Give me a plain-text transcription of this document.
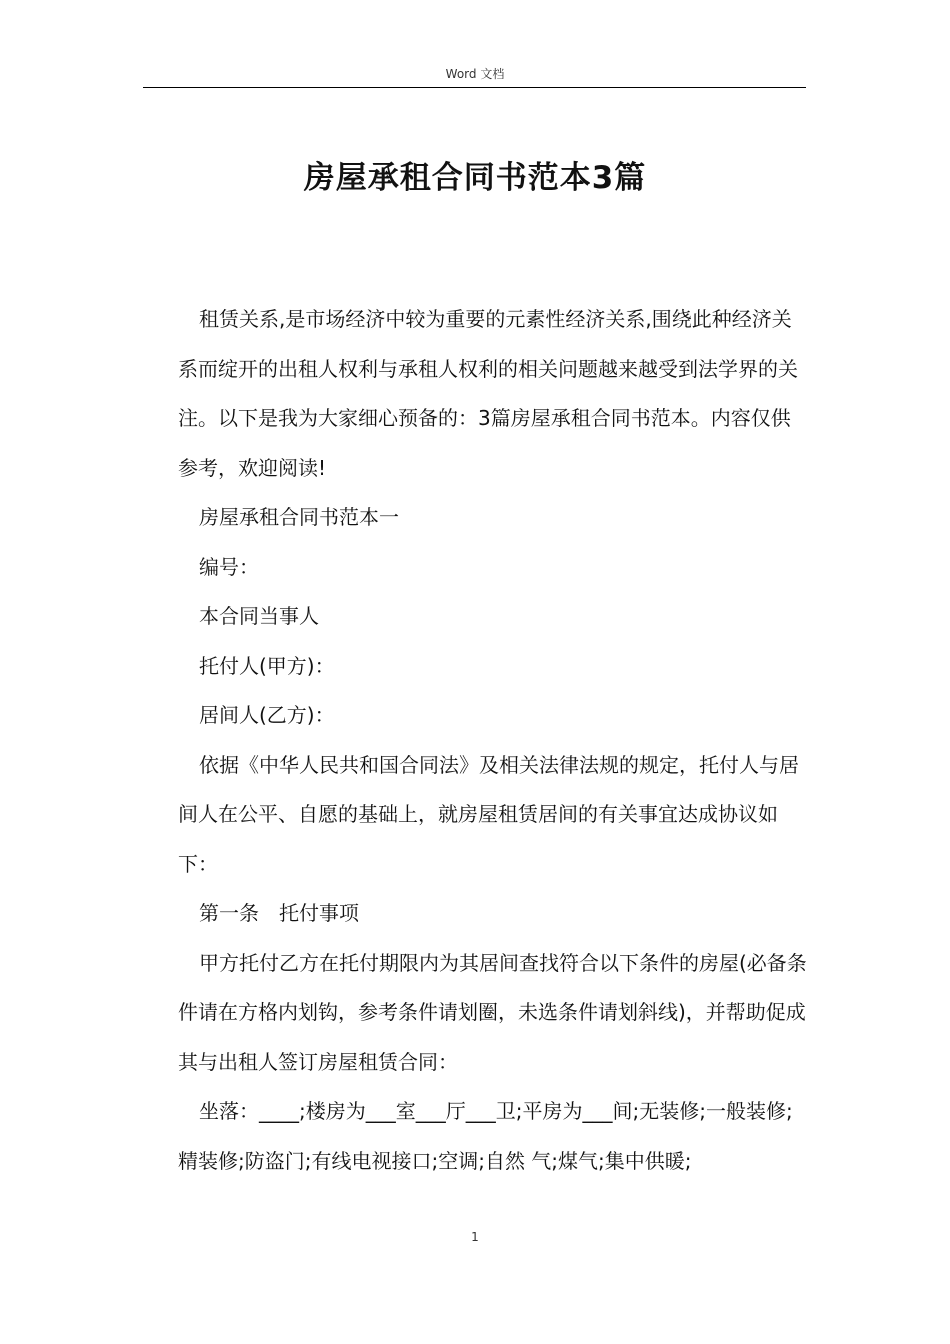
Word 文档
房屋承租合同书范本3篇

租赁关系,是市场经济中较为重要的元素性经济关系,围绕此种经济关系而绽开的出租人权利与承租人权利的相关问题越来越受到法学界的关注。以下是我为大家细心预备的：3篇房屋承租合同书范本。内容仅供参考，欢迎阅读!

房屋承租合同书范本一

编号：

本合同当事人

托付人(甲方)：

居间人(乙方)：

依据《中华人民共和国合同法》及相关法律法规的规定，托付人与居间人在公平、自愿的基础上，就房屋租赁居间的有关事宜达成协议如下：

第一条　托付事项

甲方托付乙方在托付期限内为其居间查找符合以下条件的房屋(必备条件请在方格内划钩，参考条件请划圈，未选条件请划斜线)，并帮助促成其与出租人签订房屋租赁合同：

坐落：____;楼房为___室___厅___卫;平房为___间;无装修;一般装修;精装修;防盗门;有线电视接口;空调;自然 气;煤气;集中供暖;

1
